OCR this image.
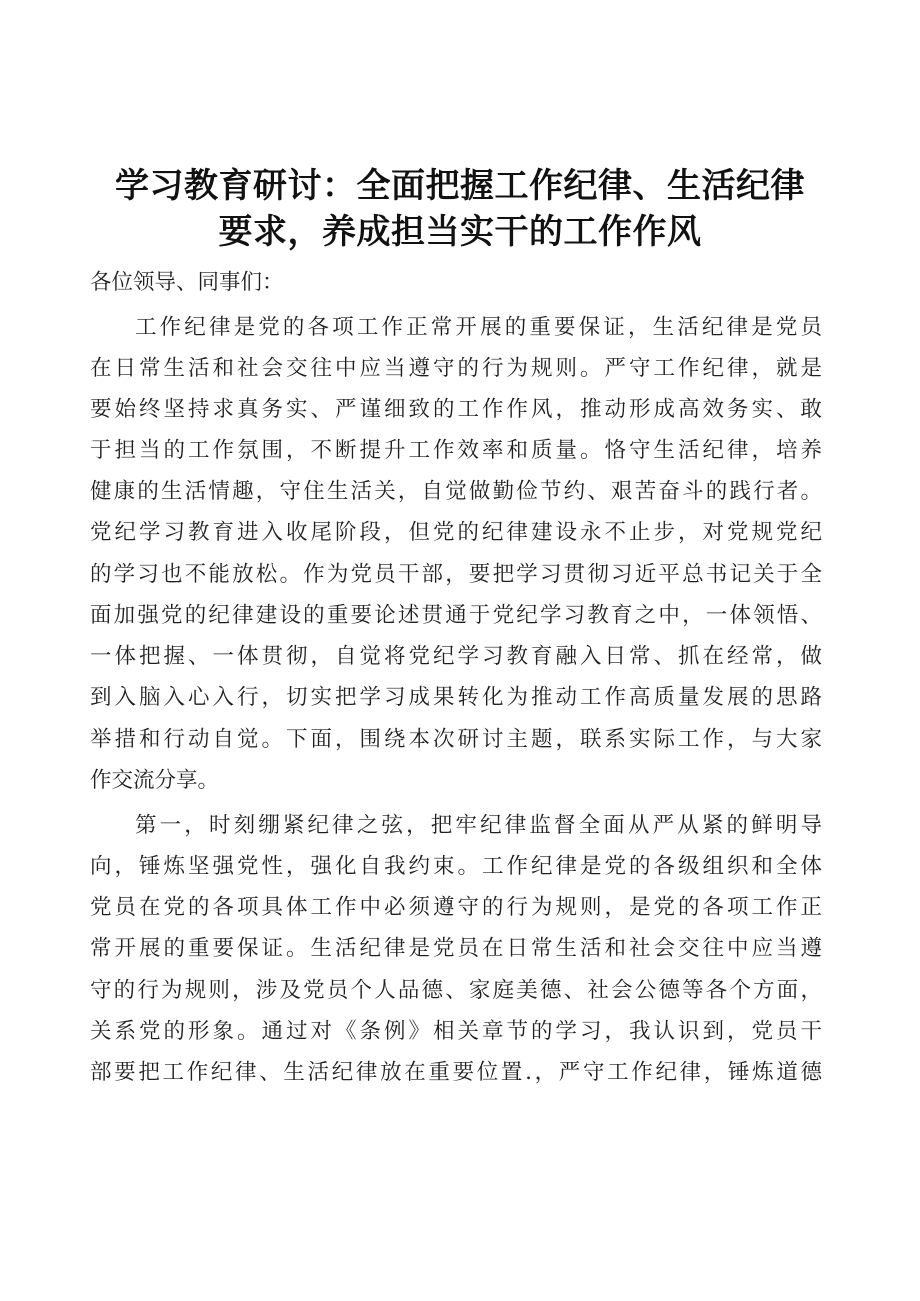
学习教育研讨：全面把握工作纪律、生活纪律
要求，养成担当实干的工作作风
各位领导、同事们：
工作纪律是党的各项工作正常开展的重要保证，生活纪律是党员
在日常生活和社会交往中应当遵守的行为规则。严守工作纪律，就是
要始终坚持求真务实、严谨细致的工作作风，推动形成高效务实、敢
于担当的工作氛围，不断提升工作效率和质量。恪守生活纪律，培养
健康的生活情趣，守住生活关，自觉做勤俭节约、艰苦奋斗的践行者。
党纪学习教育进入收尾阶段，但党的纪律建设永不止步，对党规党纪
的学习也不能放松。作为党员干部，要把学习贯彻习近平总书记关于全
面加强党的纪律建设的重要论述贯通于党纪学习教育之中，一体领悟、
一体把握、一体贯彻，自觉将党纪学习教育融入日常、抓在经常，做
到入脑入心入行，切实把学习成果转化为推动工作高质量发展的思路
举措和行动自觉。下面，围绕本次研讨主题，联系实际工作，与大家
作交流分享。
第一，时刻绷紧纪律之弦，把牢纪律监督全面从严从紧的鲜明导
向，锤炼坚强党性，强化自我约束。工作纪律是党的各级组织和全体
党员在党的各项具体工作中必须遵守的行为规则，是党的各项工作正
常开展的重要保证。生活纪律是党员在日常生活和社会交往中应当遵
守的行为规则，涉及党员个人品德、家庭美德、社会公德等各个方面，
关系党的形象。通过对《条例》相关章节的学习，我认识到，党员干
部要把工作纪律、生活纪律放在重要位置.，严守工作纪律，锤炼道德
